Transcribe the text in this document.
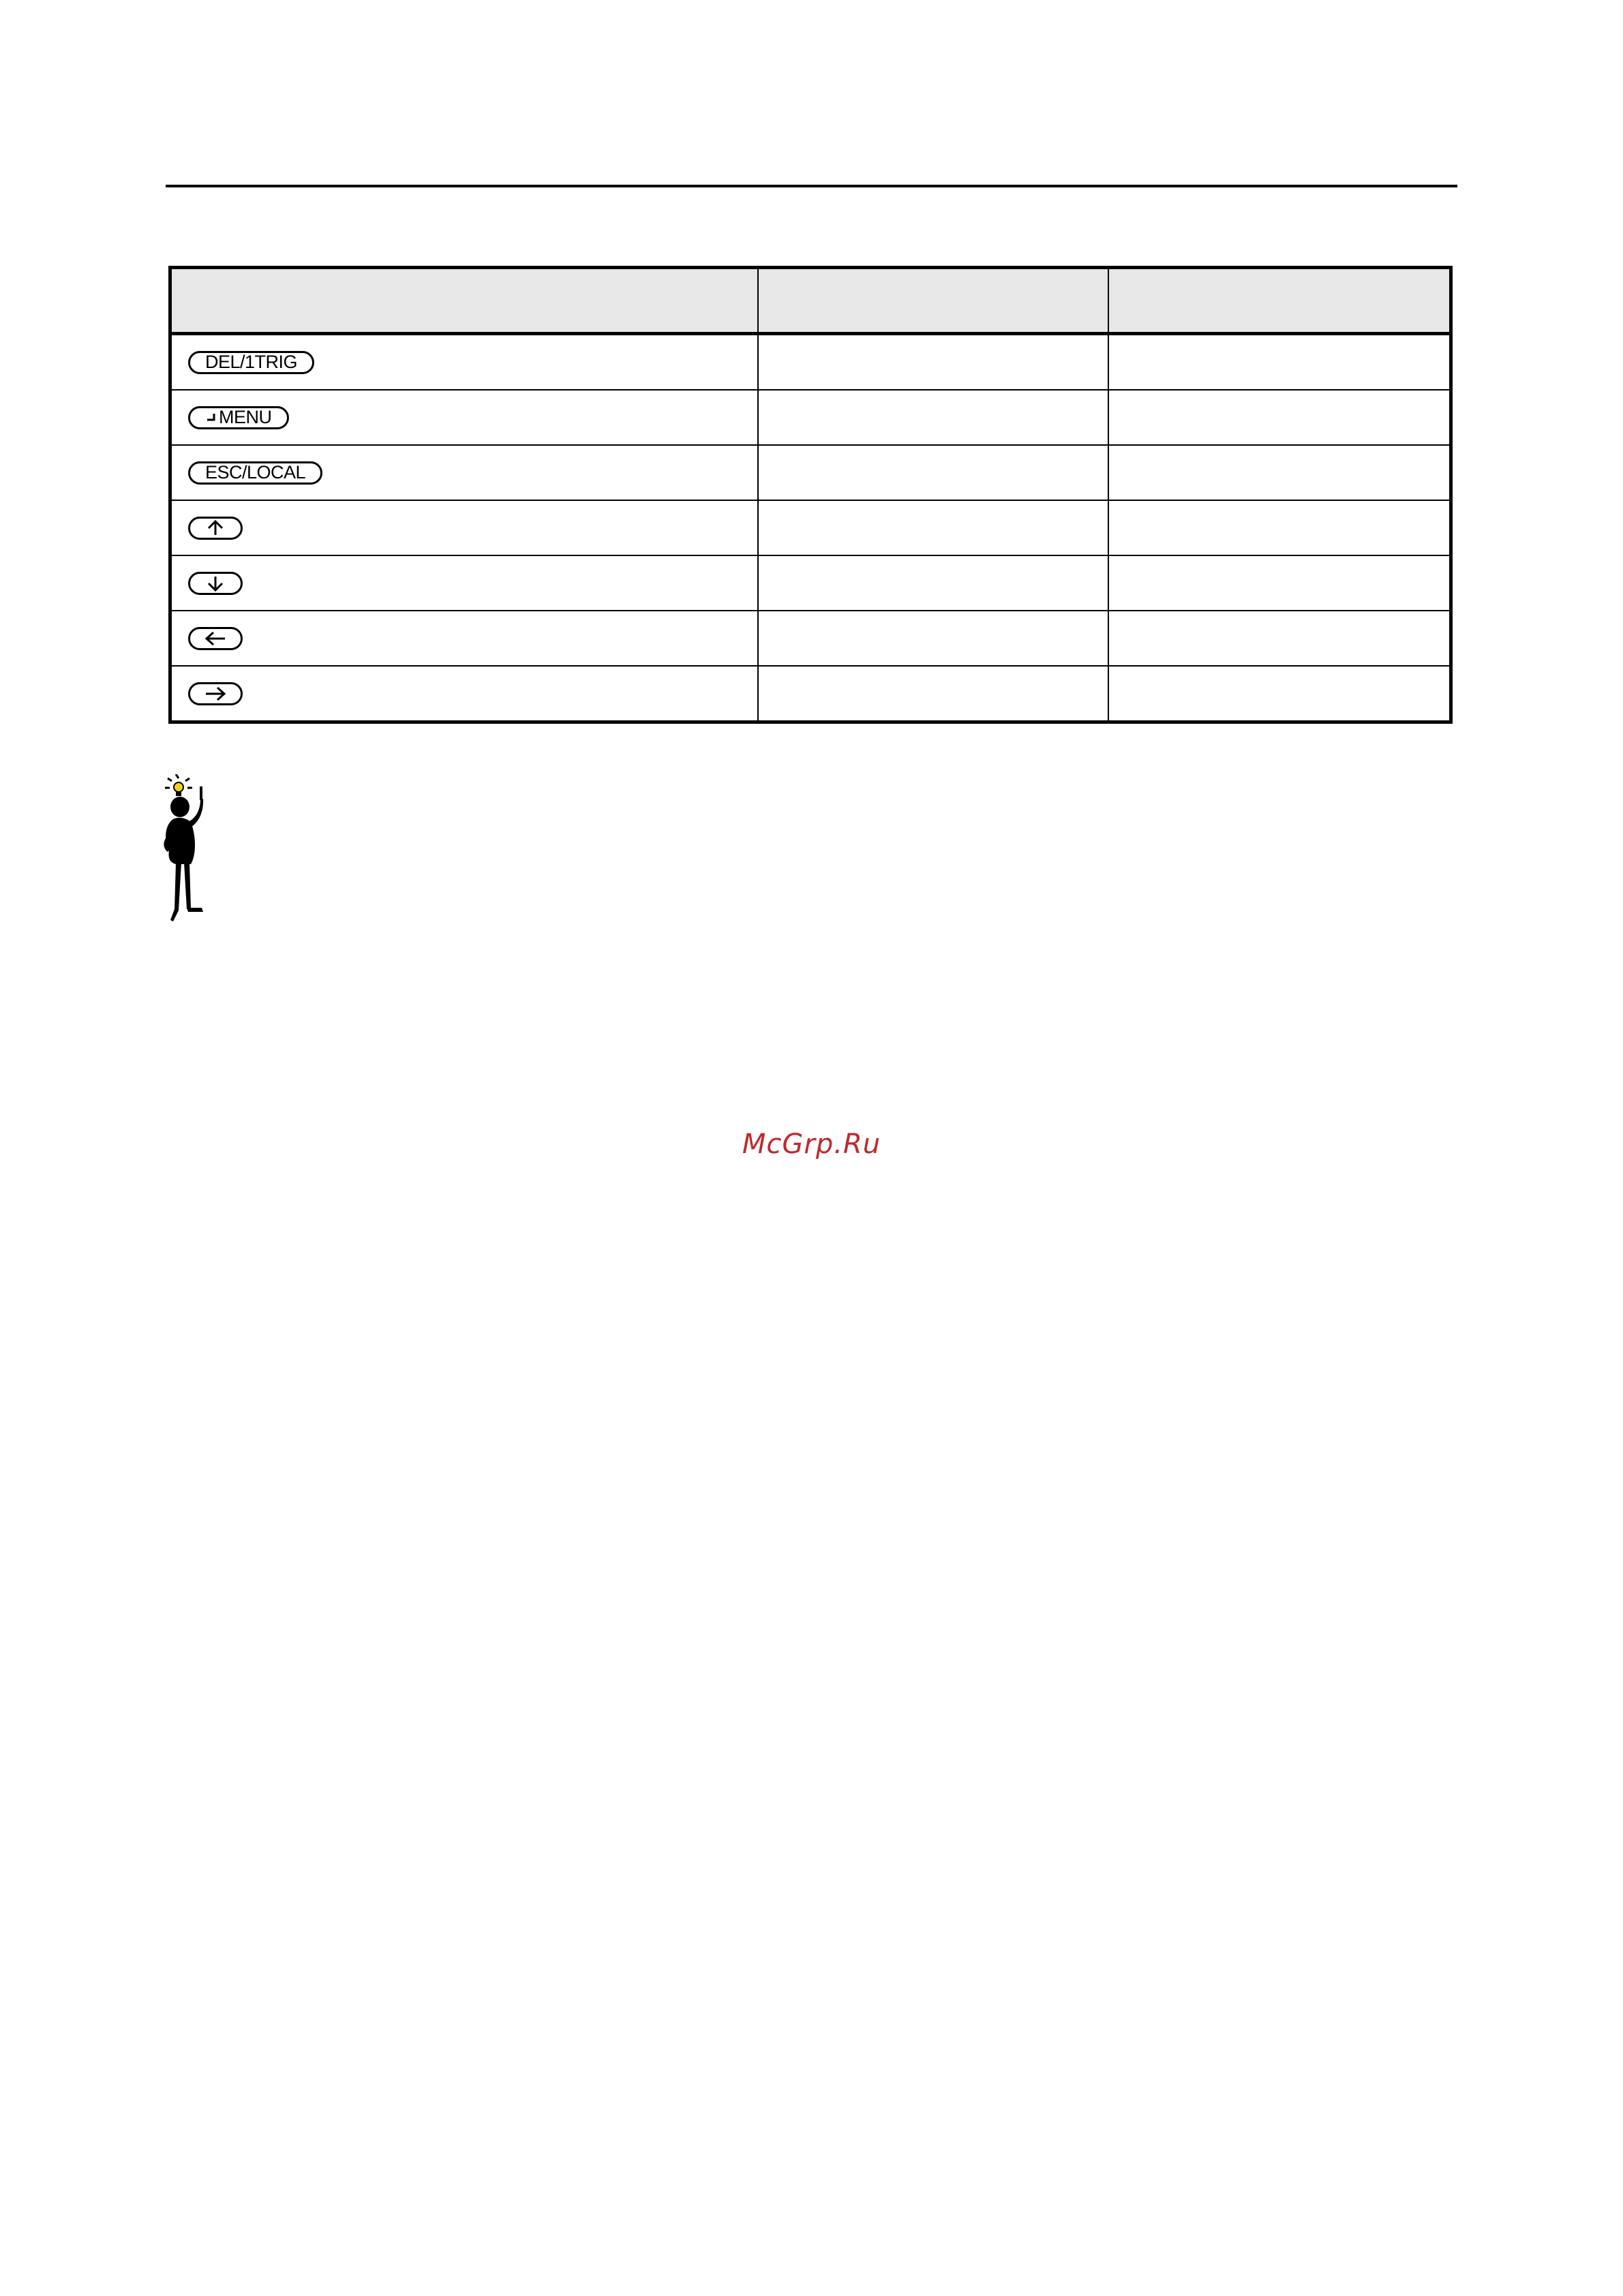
DEL/1TRIG		

MENU		

ESC/LOCAL		

McGrp.Ru
